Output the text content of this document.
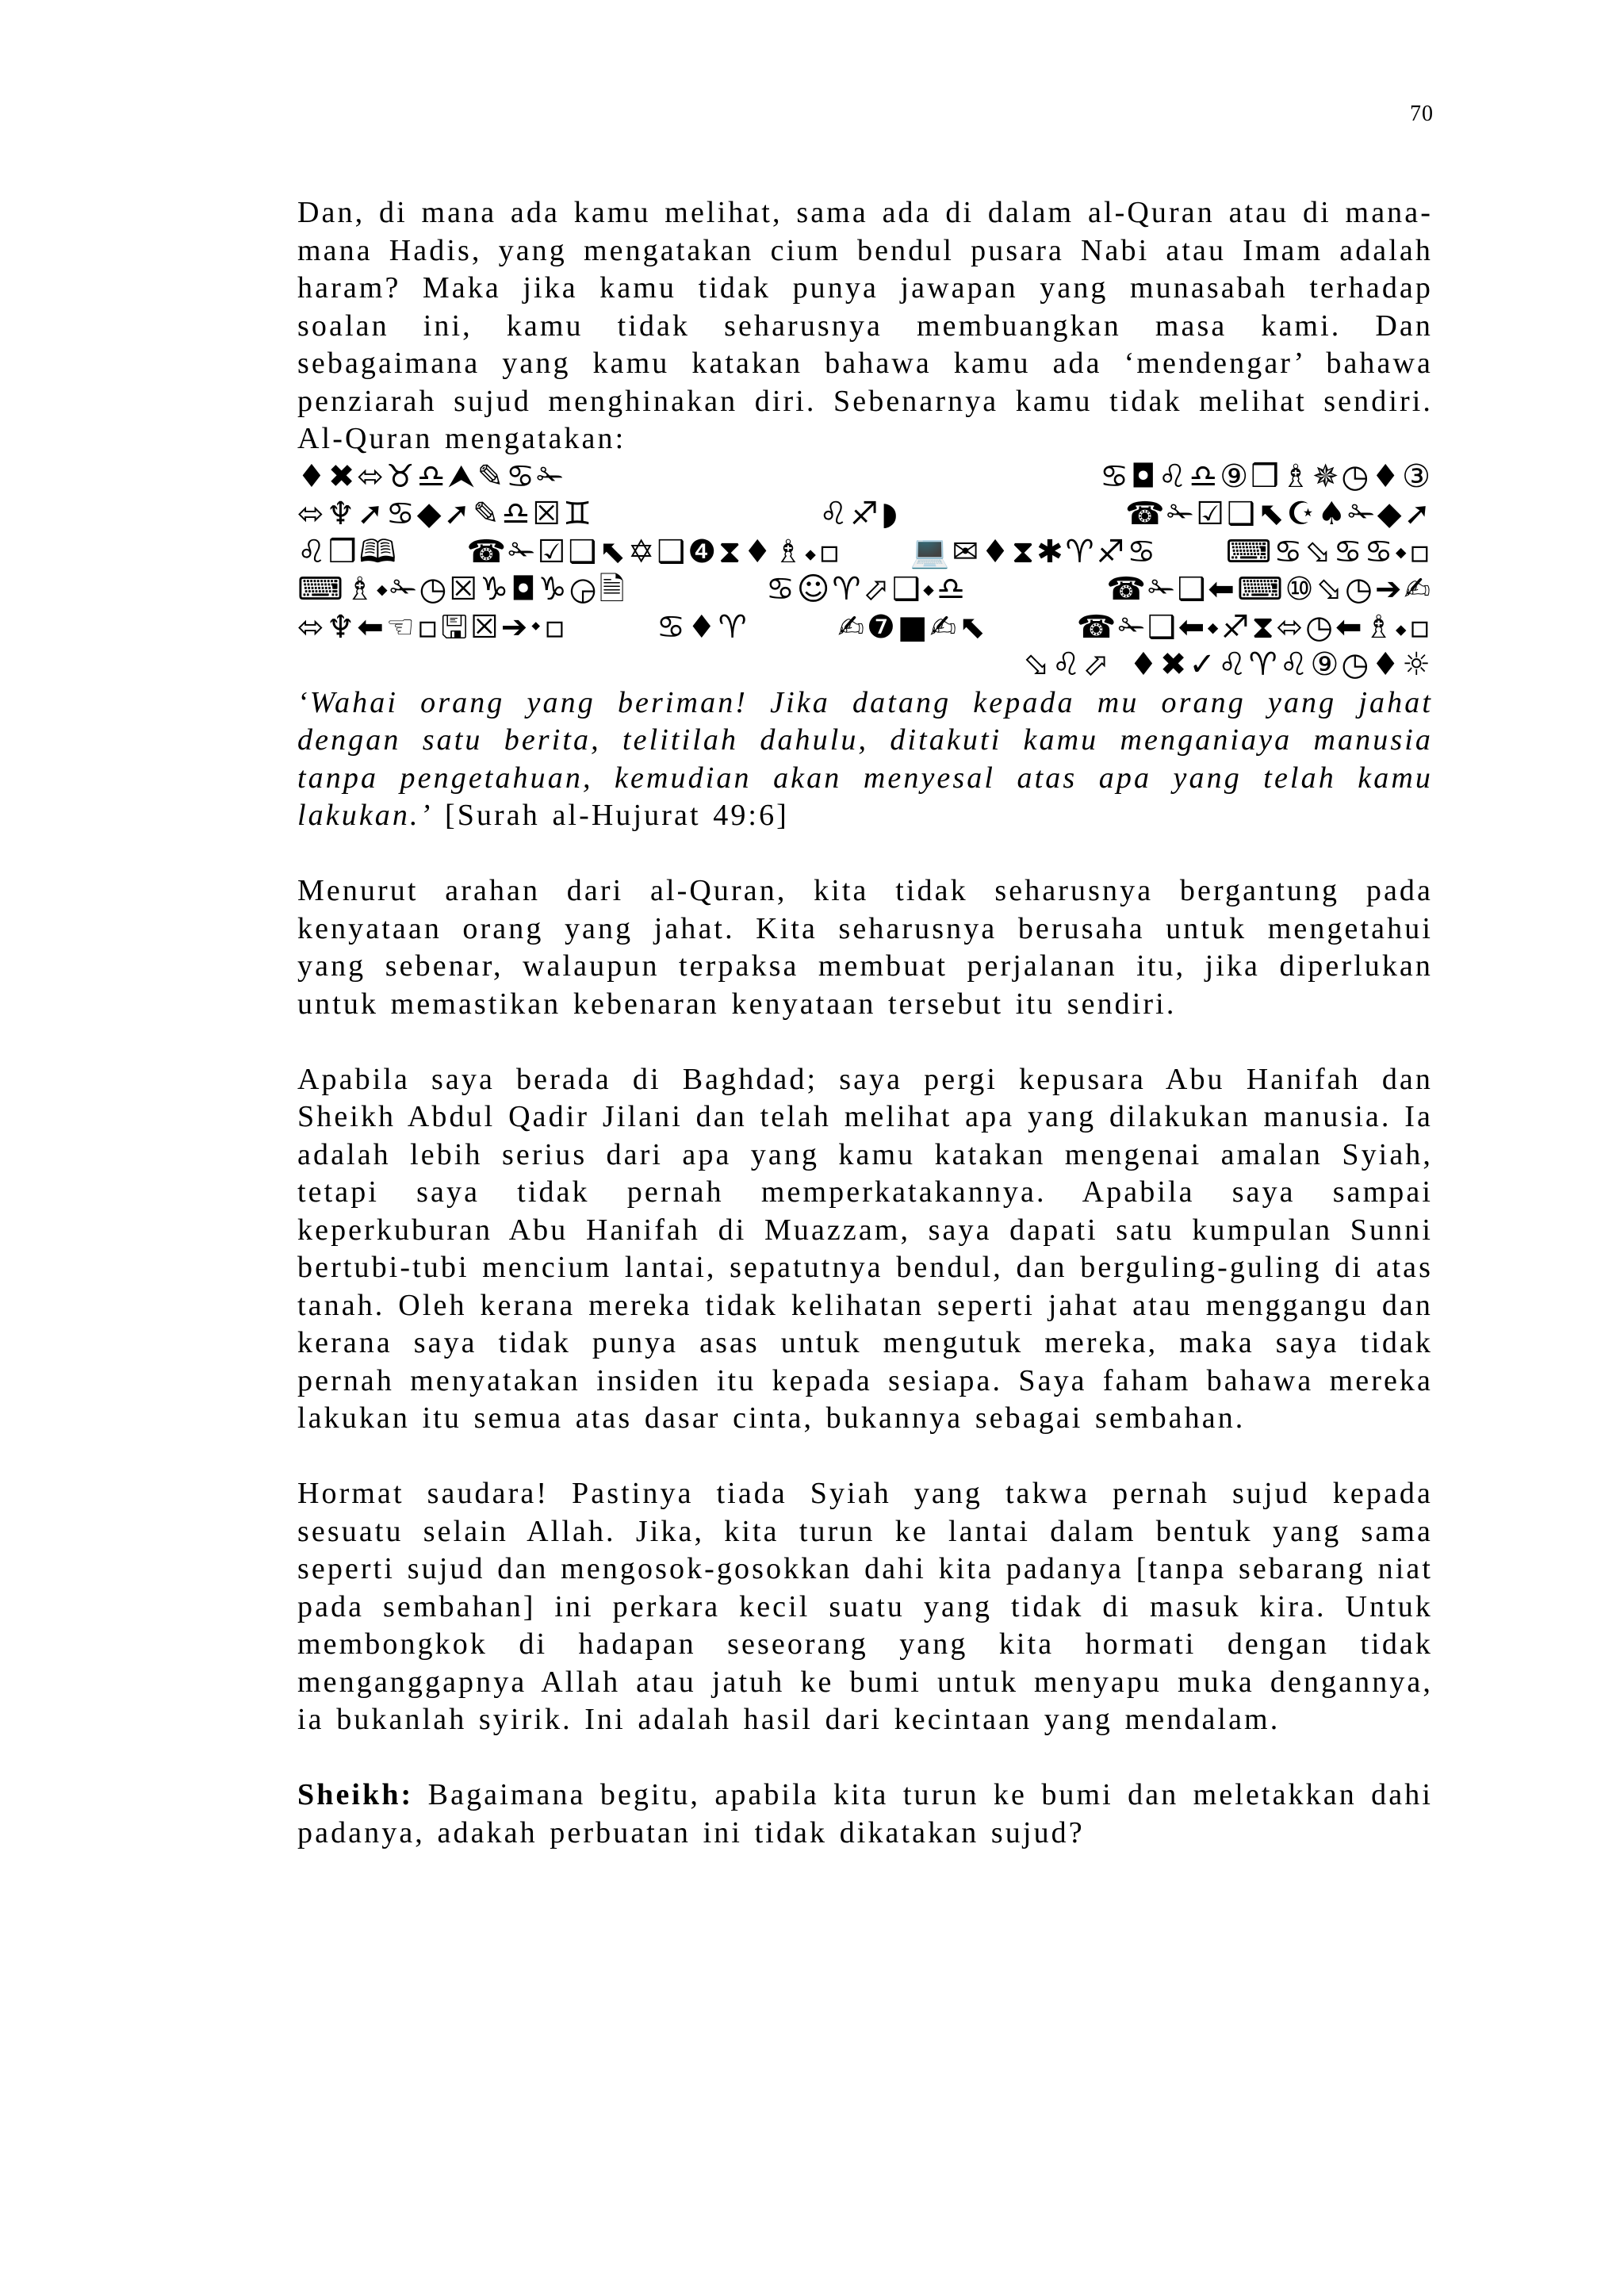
70

Dan, di mana ada kamu melihat, sama ada di dalam al-Quran atau di mana-mana Hadis, yang mengatakan cium bendul pusara Nabi atau Imam adalah haram? Maka jika kamu tidak punya jawapan yang munasabah terhadap soalan ini, kamu tidak seharusnya membuangkan masa kami. Dan sebagaimana yang kamu katakan bahawa kamu ada ‘mendengar’ bahawa penziarah sujud menghinakan diri. Sebenarnya kamu tidak melihat sendiri. Al-Quran mengatakan:

♦✖⬄♉♎⮝✎♋✁	♋◘♌♎⑨❒♗✵◷♦③
⬄♆➚♋◆➚✎♎☒♊	♌♐◗	☎✁☑❑⬉☪♠✁◆➚
♌❒🕮 ☎✁☑❑⬉✡❑❹⧗♦♗⬩▫ 💻✉♦⧗✱♈♐♋ ⌨♋⬂♋♋⬩▫
⌨♗⬩✁◷☒♑◘♑◶🗎	♋☺♈⬀❑⬩♎	☎✁❑⬅⌨⑩⬂◷➔✍
⬄♆⬅☜▫🖫☒➔⬩▫	♋♦♈	✍❼■✍⬉	☎✁❑⬅⬩♐⧗⬄◷⬅♗⬩▫
⬂♌⬀ ♦✖✓♌♈♌⑨◷♦☼

‘Wahai orang yang beriman! Jika datang kepada mu orang yang jahat dengan satu berita, telitilah dahulu, ditakuti kamu menganiaya manusia tanpa pengetahuan, kemudian akan menyesal atas apa yang telah kamu lakukan.’ [Surah al-Hujurat 49:6]

Menurut arahan dari al-Quran, kita tidak seharusnya bergantung pada kenyataan orang yang jahat. Kita seharusnya berusaha untuk mengetahui yang sebenar, walaupun terpaksa membuat perjalanan itu, jika diperlukan untuk memastikan kebenaran kenyataan tersebut itu sendiri.

Apabila saya berada di Baghdad; saya pergi kepusara Abu Hanifah dan Sheikh Abdul Qadir Jilani dan telah melihat apa yang dilakukan manusia. Ia adalah lebih serius dari apa yang kamu katakan mengenai amalan Syiah, tetapi saya tidak pernah memperkatakannya. Apabila saya sampai keperkuburan Abu Hanifah di Muazzam, saya dapati satu kumpulan Sunni bertubi-tubi mencium lantai, sepatutnya bendul, dan berguling-guling di atas tanah. Oleh kerana mereka tidak kelihatan seperti jahat atau menggangu dan kerana saya tidak punya asas untuk mengutuk mereka, maka saya tidak pernah menyatakan insiden itu kepada sesiapa. Saya faham bahawa mereka lakukan itu semua atas dasar cinta, bukannya sebagai sembahan.

Hormat saudara! Pastinya tiada Syiah yang takwa pernah sujud kepada sesuatu selain Allah. Jika, kita turun ke lantai dalam bentuk yang sama seperti sujud dan mengosok-gosokkan dahi kita padanya [tanpa sebarang niat pada sembahan] ini perkara kecil suatu yang tidak di masuk kira. Untuk membongkok di hadapan seseorang yang kita hormati dengan tidak menganggapnya Allah atau jatuh ke bumi untuk menyapu muka dengannya, ia bukanlah syirik. Ini adalah hasil dari kecintaan yang mendalam.

Sheikh: Bagaimana begitu, apabila kita turun ke bumi dan meletakkan dahi padanya, adakah perbuatan ini tidak dikatakan sujud?
